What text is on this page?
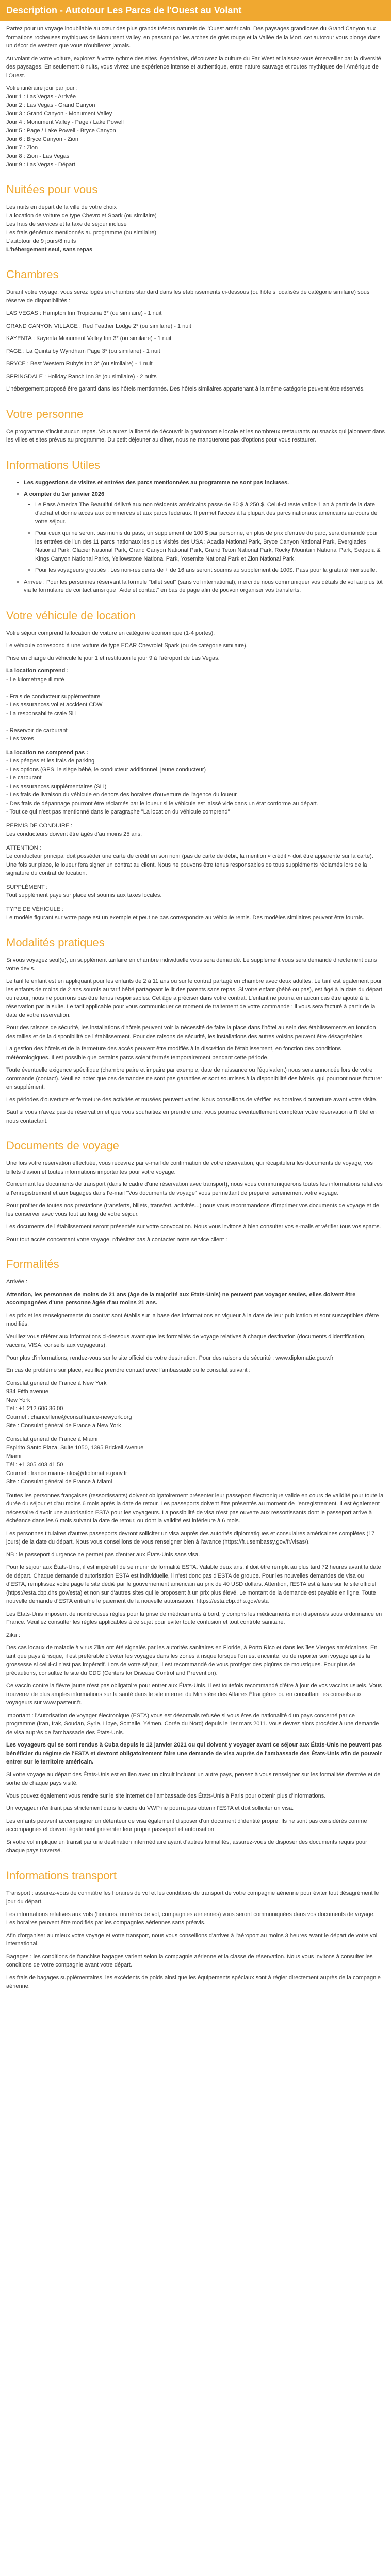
Description - Autotour Les Parcs de l'Ouest au Volant

Partez pour un voyage inoubliable au cœur des plus grands trésors naturels de l'Ouest américain. Des paysages grandioses du Grand Canyon aux formations rocheuses mythiques de Monument Valley, en passant par les arches de grès rouge et la Vallée de la Mort, cet autotour vous plonge dans un décor de western que vous n'oublierez jamais.

Au volant de votre voiture, explorez à votre rythme des sites légendaires, découvrez la culture du Far West et laissez-vous émerveiller par la diversité des paysages. En seulement 8 nuits, vous vivrez une expérience intense et authentique, entre nature sauvage et routes mythiques de l'Amérique de l'Ouest.

Votre itinéraire jour par jour :
Jour 1 : Las Vegas - Arrivée
Jour 2 : Las Vegas - Grand Canyon
Jour 3 : Grand Canyon - Monument Valley
Jour 4 : Monument Valley - Page / Lake Powell
Jour 5 : Page / Lake Powell - Bryce Canyon
Jour 6 : Bryce Canyon - Zion
Jour 7 : Zion
Jour 8 : Zion - Las Vegas
Jour 9 : Las Vegas - Départ
Nuitées pour vous
Les nuits en départ de la ville de votre choix
La location de voiture de type Chevrolet Spark (ou similaire)
Les frais de services et la taxe de séjour incluse
Les frais généraux mentionnés au programme (ou similaire)
L'autotour de 9 jours/8 nuits
L'hébergement seul, sans repas
Chambres

Durant votre voyage, vous serez logés en chambre standard dans les établissements ci-dessous (ou hôtels localisés de catégorie similaire) sous réserve de disponibilités :

LAS VEGAS : Hampton Inn Tropicana 3* (ou similaire) - 1 nuit

GRAND CANYON VILLAGE : Red Feather Lodge 2* (ou similaire) - 1 nuit

KAYENTA : Kayenta Monument Valley Inn 3* (ou similaire) - 1 nuit

PAGE : La Quinta by Wyndham Page 3* (ou similaire) - 1 nuit

BRYCE : Best Western Ruby's Inn 3* (ou similaire) - 1 nuit

SPRINGDALE : Holiday Ranch Inn 3* (ou similaire) - 2 nuits

L'hébergement proposé être garanti dans les hôtels mentionnés. Des hôtels similaires appartenant à la même catégorie peuvent être réservés.

Votre personne

Ce programme s'inclut aucun repas. Vous aurez la liberté de découvrir la gastronomie locale et les nombreux restaurants ou snacks qui jalonnent dans les villes et sites prévus au programme. Du petit déjeuner au dîner, nous ne manquerons pas d'options pour vous restaurer.

Informations Utiles
• Les suggestions de visites et entrées des parcs mentionnées au programme ne sont pas incluses.
• A compter du 1er janvier 2026
• Le Pass America The Beautiful délivré aux non résidents américains passe de 80 $ à 250 $. Celui-ci reste valide 1 an à partir de la date d'achat et donne accès aux commerces et aux parcs fédéraux. Il permet l'accès à la plupart des parcs nationaux américains au cours de votre séjour.
• Pour ceux qui ne seront pas munis du pass, un supplément de 100 $ par personne, en plus de prix d'entrée du parc, sera demandé pour les entrées de l'un des 11 parcs nationaux les plus visités des USA : Acadia National Park, Bryce Canyon National Park, Everglades National Park, Glacier National Park, Grand Canyon National Park, Grand Teton National Park, Rocky Mountain National Park, Sequoia & Kings Canyon National Parks, Yellowstone National Park, Yosemite National Park et Zion National Park.
• Pour les voyageurs groupés : Les non-résidents de + de 16 ans seront soumis au supplément de 100$. Pass pour la gratuité mensuelle.
• Arrivée : Pour les personnes réservant la formule "billet seul" (sans vol international), merci de nous communiquer vos détails de vol au plus tôt via le formulaire de contact ainsi que "Aide et contact" en bas de page afin de pouvoir organiser vos transferts.
Votre véhicule de location

Votre séjour comprend la location de voiture en catégorie économique (1-4 portes).

Le véhicule correspond à une voiture de type ECAR Chevrolet Spark (ou de catégorie similaire).

Prise en charge du véhicule le jour 1 et restitution le jour 9 à l'aéroport de Las Vegas.

La location comprend :
- Le kilométrage illimité

- Frais de conducteur supplémentaire
- Les assurances vol et accident CDW
- La responsabilité civile SLI

- Réservoir de carburant
- Les taxes
La location ne comprend pas :
- Les péages et les frais de parking
- Les options (GPS, le siège bébé, le conducteur additionnel, jeune conducteur)
- Le carburant
- Les assurances supplémentaires (SLI)
- Les frais de livraison du véhicule en dehors des horaires d'ouverture de l'agence du loueur
- Des frais de dépannage pourront être réclamés par le loueur si le véhicule est laissé vide dans un état conforme au départ.
- Tout ce qui n'est pas mentionné dans le paragraphe "La location du véhicule comprend"
PERMIS DE CONDUIRE :
Les conducteurs doivent être âgés d'au moins 25 ans.
ATTENTION :
Le conducteur principal doit posséder une carte de crédit en son nom (pas de carte de débit, la mention « crédit » doit être apparente sur la carte). Une fois sur place, le loueur fera signer un contrat au client. Nous ne pouvons être tenus responsables de tous suppléments réclamés lors de la signature du contrat de location.
SUPPLÉMENT :
Tout supplément payé sur place est soumis aux taxes locales.
TYPE DE VÉHICULE :
Le modèle figurant sur votre page est un exemple et peut ne pas correspondre au véhicule remis. Des modèles similaires peuvent être fournis.
Modalités pratiques

Si vous voyagez seul(e), un supplément tarifaire en chambre individuelle vous sera demandé. Le supplément vous sera demandé directement dans votre devis.

Le tarif le enfant est en appliquant pour les enfants de 2 à 11 ans ou sur le contrat partagé en chambre avec deux adultes. Le tarif est également pour les enfants de moins de 2 ans soumis au tarif bébé partageant le lit des parents sans repas. Si votre enfant (bébé ou pas), est âgé à la date du départ ou retour, nous ne pourrons pas être tenus responsables. Cet âge à préciser dans votre contrat. L'enfant ne pourra en aucun cas être ajouté à la réservation par la suite. Le tarif applicable pour vous communiquer ce moment de traitement de votre commande : il vous sera facturé à partir de la date de votre réservation.

Pour des raisons de sécurité, les installations d'hôtels peuvent voir la nécessité de faire la place dans l'hôtel au sein des établissements en fonction des tailles et de la disponibilité de l'établissement. Pour des raisons de sécurité, les installations des autres voisins peuvent être désagréables.

La gestion des hôtels et de la fermeture des accès peuvent être modifiés à la discrétion de l'établissement, en fonction des conditions météorologiques. Il est possible que certains parcs soient fermés temporairement pendant cette période.

Toute éventuelle exigence spécifique (chambre paire et impaire par exemple, date de naissance ou l'équivalent) nous sera annoncée lors de votre commande (contact). Veuillez noter que ces demandes ne sont pas garanties et sont soumises à la disponibilité des hôtels, qui pourront nous facturer en supplément.

Les périodes d'ouverture et fermeture des activités et musées peuvent varier. Nous conseillons de vérifier les horaires d'ouverture avant votre visite.

Sauf si vous n'avez pas de réservation et que vous souhaitiez en prendre une, vous pourrez éventuellement compléter votre réservation à l'hôtel en nous contactant.

Documents de voyage

Une fois votre réservation effectuée, vous recevrez par e-mail de confirmation de votre réservation, qui récapitulera les documents de voyage, vos billets d'avion et toutes informations importantes pour votre voyage.

Concernant les documents de transport (dans le cadre d'une réservation avec transport), nous vous communiquerons toutes les informations relatives à l'enregistrement et aux bagages dans l'e-mail "Vos documents de voyage" vous permettant de préparer sereinement votre voyage.

Pour profiter de toutes nos prestations (transferts, billets, transfert, activités...) nous vous recommandons d'imprimer vos documents de voyage et de les conserver avec vous tout au long de votre séjour.

Les documents de l'établissement seront présentés sur votre convocation. Nous vous invitons à bien consulter vos e-mails et vérifier tous vos spams.

Pour tout accès concernant votre voyage, n'hésitez pas à contacter notre service client :

Formalités

Arrivée :

Attention, les personnes de moins de 21 ans (âge de la majorité aux Etats-Unis) ne peuvent pas voyager seules, elles doivent être accompagnées d'une personne âgée d'au moins 21 ans.

Les prix et les renseignements du contrat sont établis sur la base des informations en vigueur à la date de leur publication et sont susceptibles d'être modifiés.

Veuillez vous référer aux informations ci-dessous avant que les formalités de voyage relatives à chaque destination (documents d'identification, vaccins, VISA, conseils aux voyageurs).

Pour plus d'informations, rendez-vous sur le site officiel de votre destination. Pour des raisons de sécurité : www.diplomatie.gouv.fr

En cas de problème sur place, veuillez prendre contact avec l'ambassade ou le consulat suivant :

Consulat général de France à New York
934 Fifth avenue
New York
Tél : +1 212 606 36 00
Courriel : chancellerie@consulfrance-newyork.org
Site : Consulat général de France à New York
Consulat général de France à Miami
Espirito Santo Plaza, Suite 1050, 1395 Brickell Avenue
Miami
Tél : +1 305 403 41 50
Courriel : france.miami-infos@diplomatie.gouv.fr
Site : Consulat général de France à Miami

Toutes les personnes françaises (ressortissants) doivent obligatoirement présenter leur passeport électronique valide en cours de validité pour toute la durée du séjour et d'au moins 6 mois après la date de retour. Les passeports doivent être présentés au moment de l'enregistrement. Il est également nécessaire d'avoir une autorisation ESTA pour les voyageurs. La possibilité de visa n'est pas ouverte aux ressortissants dont le passeport arrive à échéance dans les 6 mois suivant la date de retour, ou dont la validité est inférieure à 6 mois.

Les personnes titulaires d'autres passeports devront solliciter un visa auprès des autorités diplomatiques et consulaires américaines complètes (17 jours) de la date du départ. Nous vous conseillons de vous renseigner bien à l'avance (https://fr.usembassy.gov/fr/visas/).

NB : le passeport d'urgence ne permet pas d'entrer aux États-Unis sans visa.

Pour le séjour aux États-Unis, il est impératif de se munir de formalité ESTA. Valable deux ans, il doit être remplit au plus tard 72 heures avant la date de départ. Chaque demande d'autorisation ESTA est individuelle, il n'est donc pas d'ESTA de groupe. Pour les nouvelles demandes de visa ou d'ESTA, remplissez votre page le site dédié par le gouvernement américain au prix de 40 USD dollars. Attention, l'ESTA est à faire sur le site officiel (https://esta.cbp.dhs.gov/esta) et non sur d'autres sites qui le proposent à un prix plus élevé. Le montant de la demande est payable en ligne. Toute nouvelle demande d'ESTA entraîne le paiement de la nouvelle autorisation. https://esta.cbp.dhs.gov/esta

Les États-Unis imposent de nombreuses règles pour la prise de médicaments à bord, y compris les médicaments non dispensés sous ordonnance en France. Veuillez consulter les règles applicables à ce sujet pour éviter toute confusion et tout contrôle sanitaire.

Zika :

Des cas locaux de maladie à virus Zika ont été signalés par les autorités sanitaires en Floride, à Porto Rico et dans les îles Vierges américaines. En tant que pays à risque, il est préférable d'éviter les voyages dans les zones à risque lorsque l'on est enceinte, ou de reporter son voyage après la grossesse si celui-ci n'est pas impératif. Lors de votre séjour, il est recommandé de vous protéger des piqûres de moustiques. Pour plus de précautions, consultez le site du CDC (Centers for Disease Control and Prevention).

Ce vaccin contre la fièvre jaune n'est pas obligatoire pour entrer aux États-Unis. Il est toutefois recommandé d'être à jour de vos vaccins usuels. Vous trouverez de plus amples informations sur la santé dans le site internet du Ministère des Affaires Étrangères ou en consultant les conseils aux voyageurs sur www.pasteur.fr.

Important : l'Autorisation de voyager électronique (ESTA) vous est désormais refusée si vous êtes de nationalité d'un pays concerné par ce programme (Iran, Irak, Soudan, Syrie, Libye, Somalie, Yémen, Corée du Nord) depuis le 1er mars 2011. Vous devrez alors procéder à une demande de visa auprès de l'ambassade des États-Unis.

Les voyageurs qui se sont rendus à Cuba depuis le 12 janvier 2021 ou qui doivent y voyager avant ce séjour aux États-Unis ne peuvent pas bénéficier du régime de l'ESTA et devront obligatoirement faire une demande de visa auprès de l'ambassade des États-Unis afin de pouvoir entrer sur le territoire américain.

Si votre voyage au départ des États-Unis est en lien avec un circuit incluant un autre pays, pensez à vous renseigner sur les formalités d'entrée et de sortie de chaque pays visité.

Vous pouvez également vous rendre sur le site internet de l'ambassade des États-Unis à Paris pour obtenir plus d'informations.

Un voyageur n'entrant pas strictement dans le cadre du VWP ne pourra pas obtenir l'ESTA et doit solliciter un visa.

Les enfants peuvent accompagner un détenteur de visa également disposer d'un document d'identité propre. Ils ne sont pas considérés comme accompagnés et doivent également présenter leur propre passeport et autorisation.

Si votre vol implique un transit par une destination intermédiaire ayant d'autres formalités, assurez-vous de disposer des documents requis pour chaque pays traversé.

Informations transport

Transport : assurez-vous de connaître les horaires de vol et les conditions de transport de votre compagnie aérienne pour éviter tout désagrément le jour du départ.

Les informations relatives aux vols (horaires, numéros de vol, compagnies aériennes) vous seront communiquées dans vos documents de voyage. Les horaires peuvent être modifiés par les compagnies aériennes sans préavis.

Afin d'organiser au mieux votre voyage et votre transport, nous vous conseillons d'arriver à l'aéroport au moins 3 heures avant le départ de votre vol international.

Bagages : les conditions de franchise bagages varient selon la compagnie aérienne et la classe de réservation. Nous vous invitons à consulter les conditions de votre compagnie avant votre départ.

Les frais de bagages supplémentaires, les excédents de poids ainsi que les équipements spéciaux sont à régler directement auprès de la compagnie aérienne.
